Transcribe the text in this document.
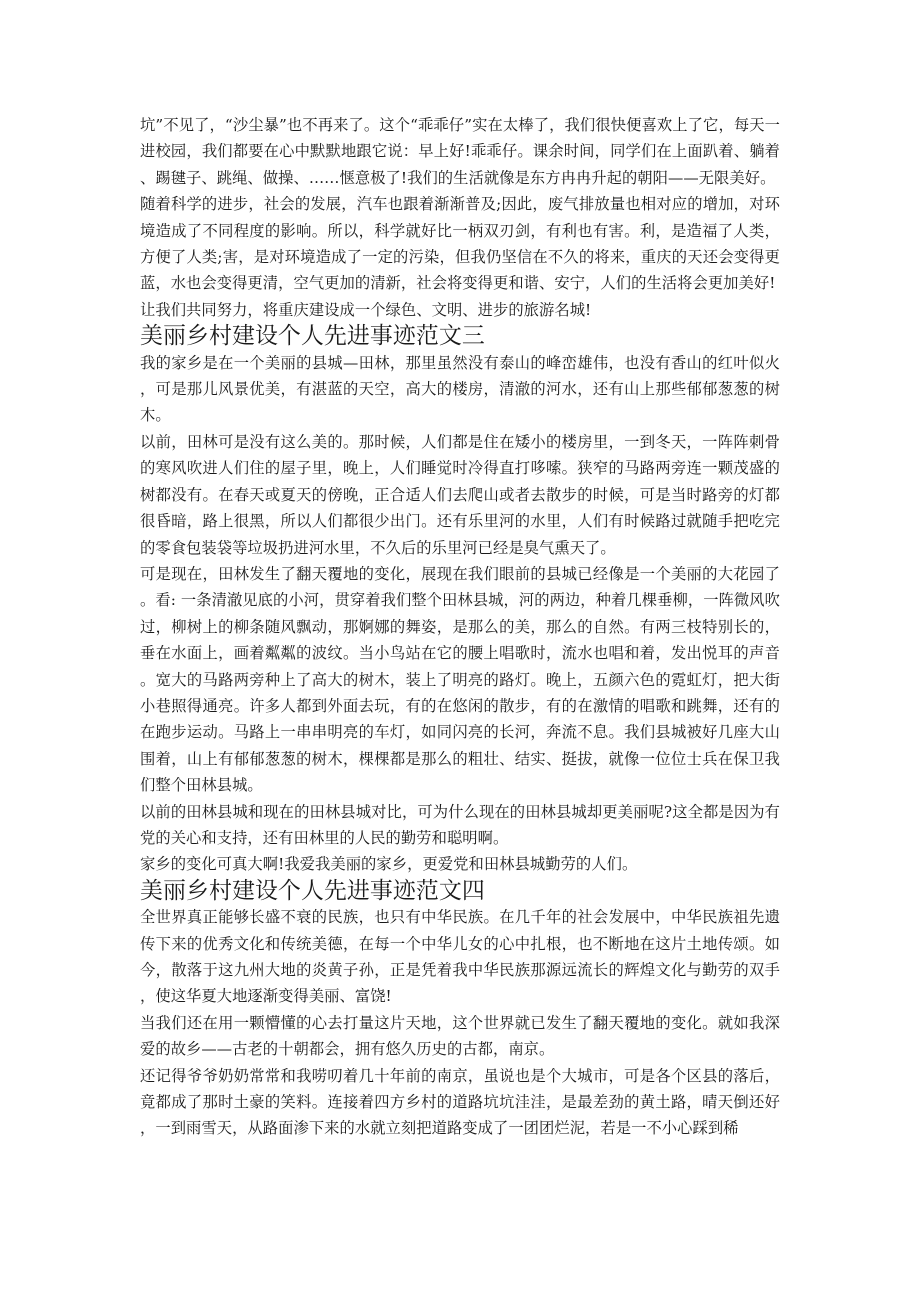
坑”不见了，“沙尘暴”也不再来了。这个“乖乖仔”实在太棒了，我们很快便喜欢上了它，每天一进校园，我们都要在心中默默地跟它说：早上好!乖乖仔。课余时间，同学们在上面趴着、躺着、踢毽子、跳绳、做操、……惬意极了!我们的生活就像是东方冉冉升起的朝阳——无限美好。

随着科学的进步，社会的发展，汽车也跟着渐渐普及;因此，废气排放量也相对应的增加，对环境造成了不同程度的影响。所以，科学就好比一柄双刃剑，有利也有害。利，是造福了人类，方便了人类;害，是对环境造成了一定的污染，但我仍坚信在不久的将来，重庆的天还会变得更蓝，水也会变得更清，空气更加的清新，社会将变得更和谐、安宁，人们的生活将会更加美好!

让我们共同努力，将重庆建设成一个绿色、文明、进步的旅游名城!

美丽乡村建设个人先进事迹范文三

我的家乡是在一个美丽的县城—田林，那里虽然没有泰山的峰峦雄伟，也没有香山的红叶似火，可是那儿风景优美，有湛蓝的天空，高大的楼房，清澈的河水，还有山上那些郁郁葱葱的树木。

以前，田林可是没有这么美的。那时候，人们都是住在矮小的楼房里，一到冬天，一阵阵刺骨的寒风吹进人们住的屋子里，晚上，人们睡觉时冷得直打哆嗦。狭窄的马路两旁连一颗茂盛的树都没有。在春天或夏天的傍晚，正合适人们去爬山或者去散步的时候，可是当时路旁的灯都很昏暗，路上很黑，所以人们都很少出门。还有乐里河的水里，人们有时候路过就随手把吃完的零食包装袋等垃圾扔进河水里，不久后的乐里河已经是臭气熏天了。

可是现在，田林发生了翻天覆地的变化，展现在我们眼前的县城已经像是一个美丽的大花园了。看: 一条清澈见底的小河，贯穿着我们整个田林县城，河的两边，种着几棵垂柳，一阵微风吹过，柳树上的柳条随风飘动，那婀娜的舞姿，是那么的美，那么的自然。有两三枝特别长的，垂在水面上，画着粼粼的波纹。当小鸟站在它的腰上唱歌时，流水也唱和着，发出悦耳的声音。宽大的马路两旁种上了高大的树木，装上了明亮的路灯。晚上，五颜六色的霓虹灯，把大街小巷照得通亮。许多人都到外面去玩，有的在悠闲的散步，有的在激情的唱歌和跳舞，还有的在跑步运动。马路上一串串明亮的车灯，如同闪亮的长河，奔流不息。我们县城被好几座大山围着，山上有郁郁葱葱的树木，棵棵都是那么的粗壮、结实、挺拔，就像一位位士兵在保卫我们整个田林县城。

以前的田林县城和现在的田林县城对比，可为什么现在的田林县城却更美丽呢?这全都是因为有党的关心和支持，还有田林里的人民的勤劳和聪明啊。

家乡的变化可真大啊!我爱我美丽的家乡，更爱党和田林县城勤劳的人们。

美丽乡村建设个人先进事迹范文四

全世界真正能够长盛不衰的民族，也只有中华民族。在几千年的社会发展中，中华民族祖先遗传下来的优秀文化和传统美德，在每一个中华儿女的心中扎根，也不断地在这片土地传颂。如今，散落于这九州大地的炎黄子孙，正是凭着我中华民族那源远流长的辉煌文化与勤劳的双手，使这华夏大地逐渐变得美丽、富饶!

当我们还在用一颗懵懂的心去打量这片天地，这个世界就已发生了翻天覆地的变化。就如我深爱的故乡——古老的十朝都会，拥有悠久历史的古都，南京。

还记得爷爷奶奶常常和我唠叨着几十年前的南京，虽说也是个大城市，可是各个区县的落后，竟都成了那时土豪的笑料。连接着四方乡村的道路坑坑洼洼，是最差劲的黄土路，晴天倒还好，一到雨雪天，从路面渗下来的水就立刻把道路变成了一团团烂泥，若是一不小心踩到稀
